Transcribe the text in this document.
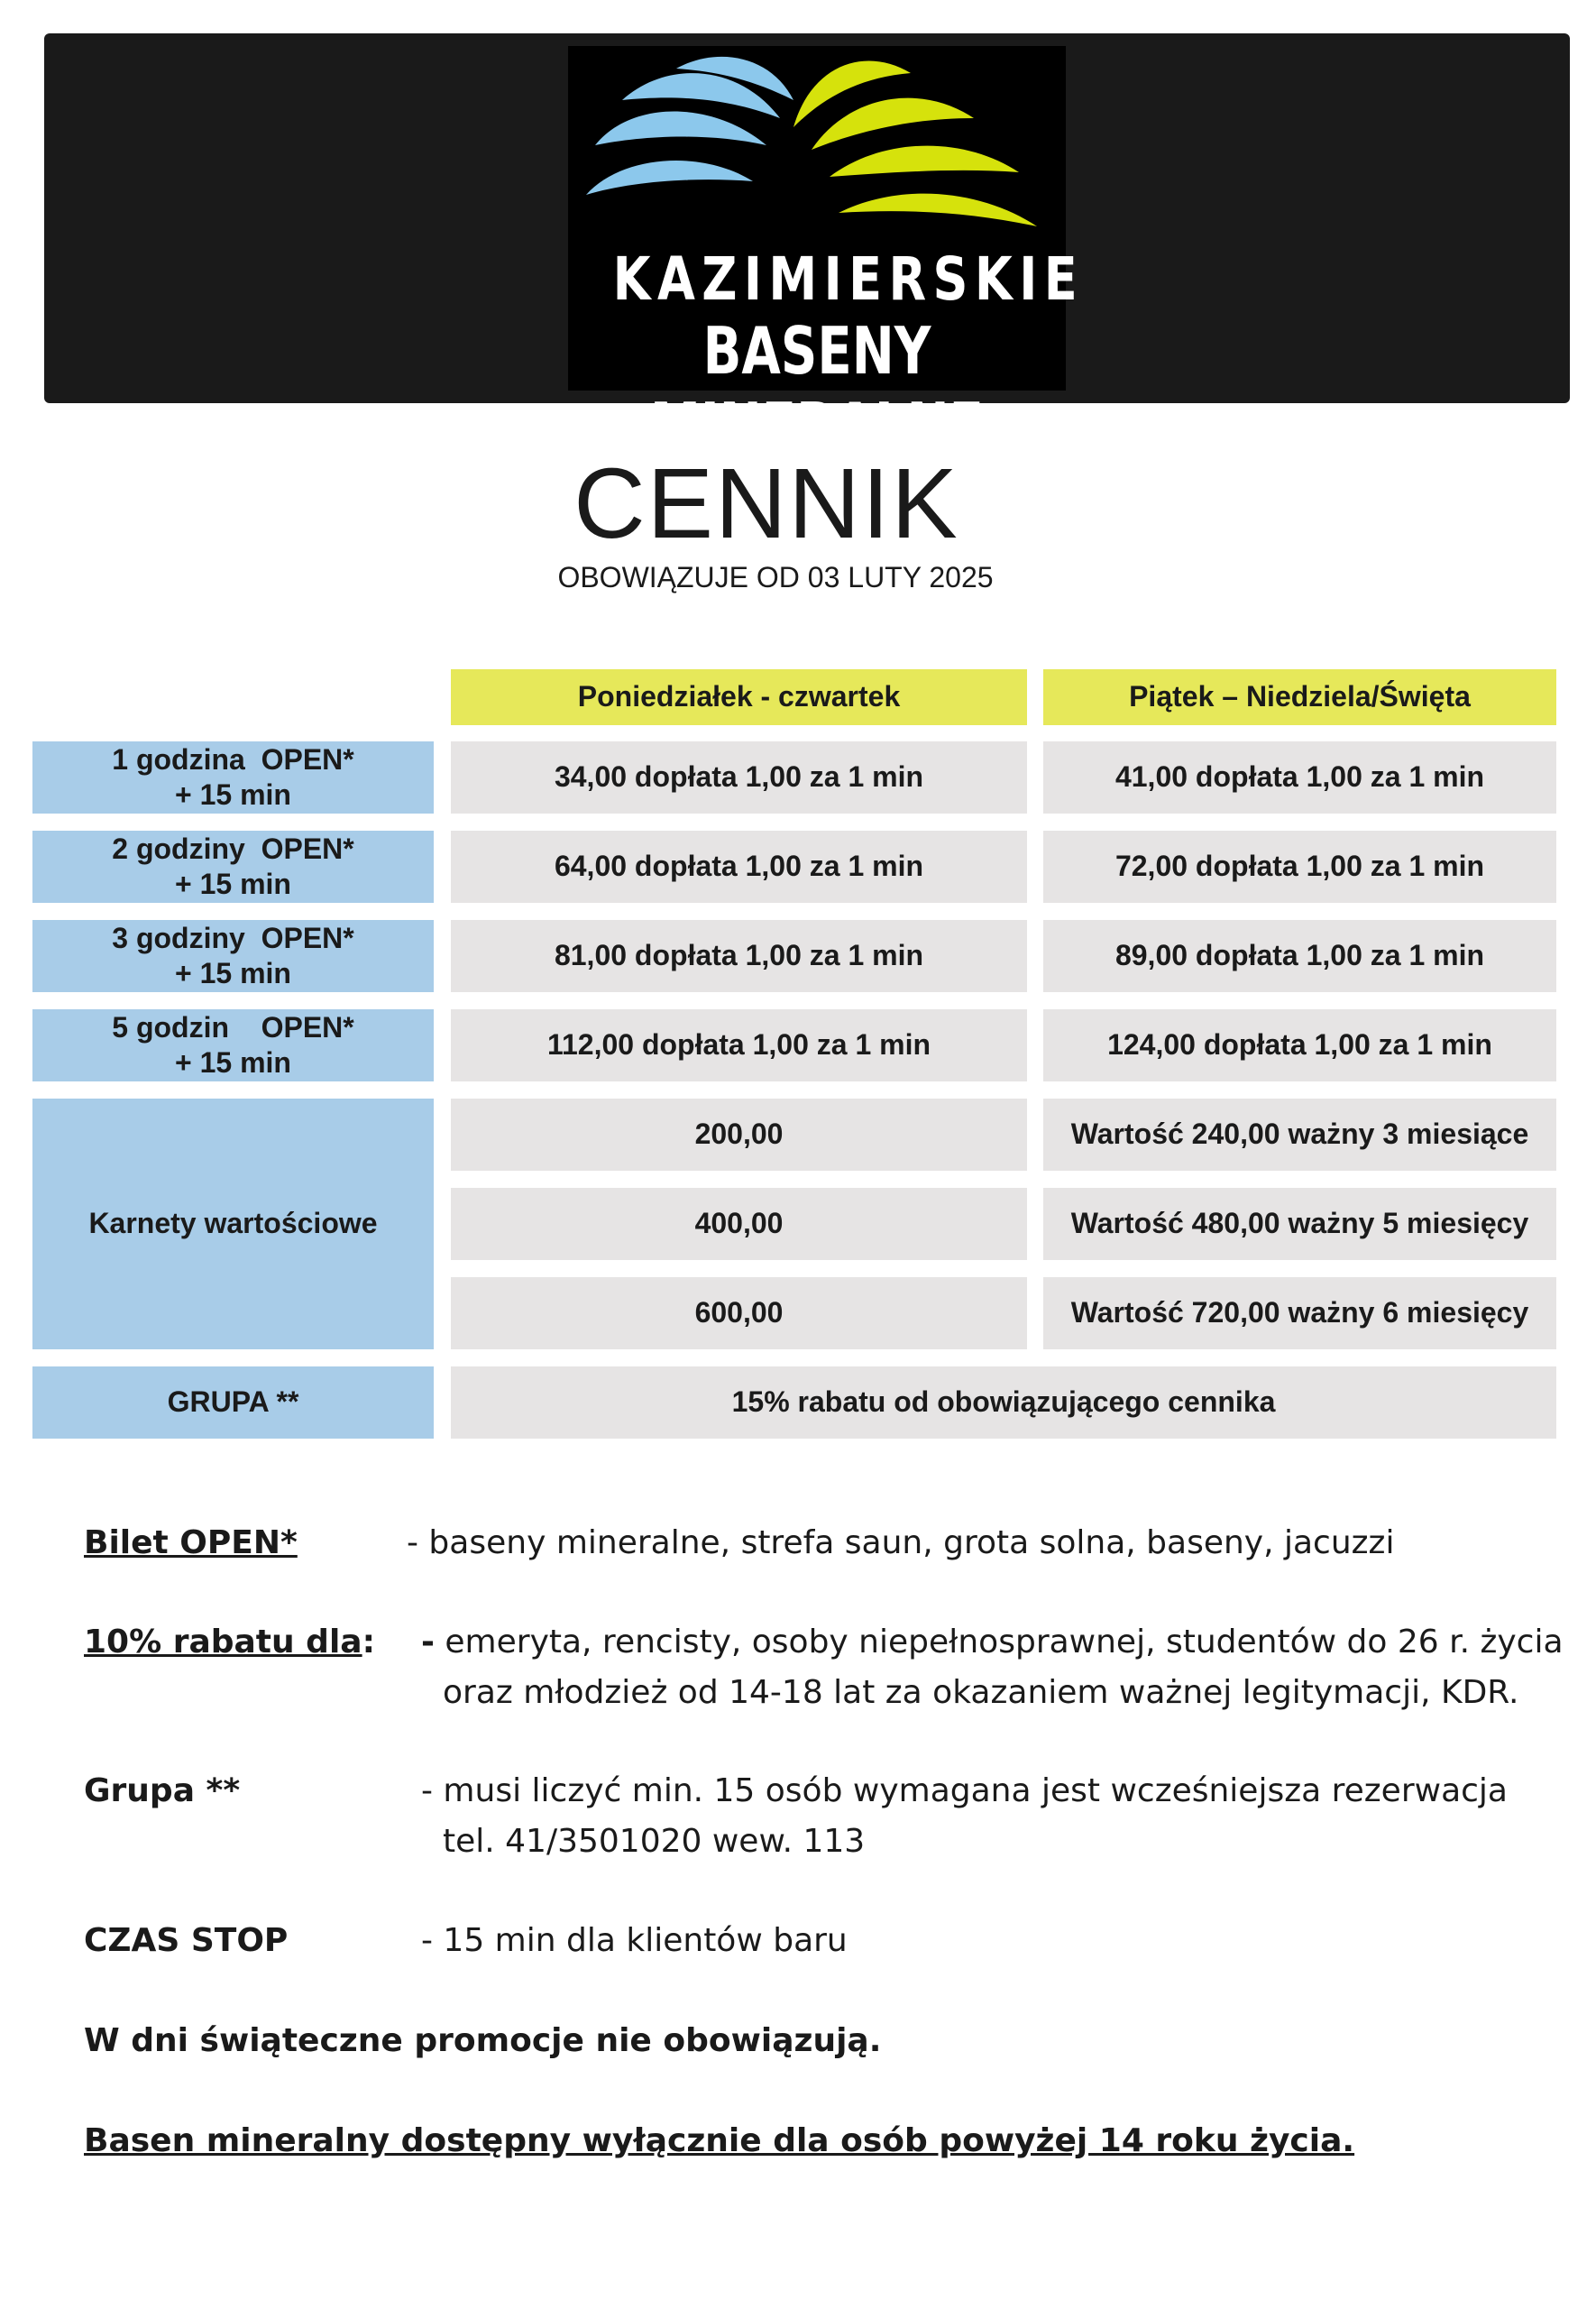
KAZIMIERSKIE
BASENY MINERALNE
CENNIK
OBOWIĄZUJE OD 03 LUTY 2025
Poniedziałek - czwartek	Piątek – Niedziela/Święta
1 godzina  OPEN*
+ 15 min
34,00 dopłata 1,00 za 1 min	41,00 dopłata 1,00 za 1 min
2 godziny  OPEN*
+ 15 min
64,00 dopłata 1,00 za 1 min	72,00 dopłata 1,00 za 1 min
3 godziny  OPEN*
+ 15 min
81,00 dopłata 1,00 za 1 min	89,00 dopłata 1,00 za 1 min
5 godzin    OPEN*
+ 15 min
112,00 dopłata 1,00 za 1 min	124,00 dopłata 1,00 za 1 min
Karnety wartościowe
200,00	Wartość 240,00 ważny 3 miesiące
400,00	Wartość 480,00 ważny 5 miesięcy
600,00	Wartość 720,00 ważny 6 miesięcy
GRUPA **	15% rabatu od obowiązującego cennika
Bilet OPEN*	- baseny mineralne, strefa saun, grota solna, baseny, jacuzzi
10% rabatu dla: - emeryta, rencisty, osoby niepełnosprawnej, studentów do 26 r. życia
oraz młodzież od 14-18 lat za okazaniem ważnej legitymacji, KDR.
Grupa **	- musi liczyć min. 15 osób wymagana jest wcześniejsza rezerwacja
tel. 41/3501020 wew. 113
CZAS STOP	- 15 min dla klientów baru
W dni świąteczne promocje nie obowiązują.
Basen mineralny dostępny wyłącznie dla osób powyżej 14 roku życia.
